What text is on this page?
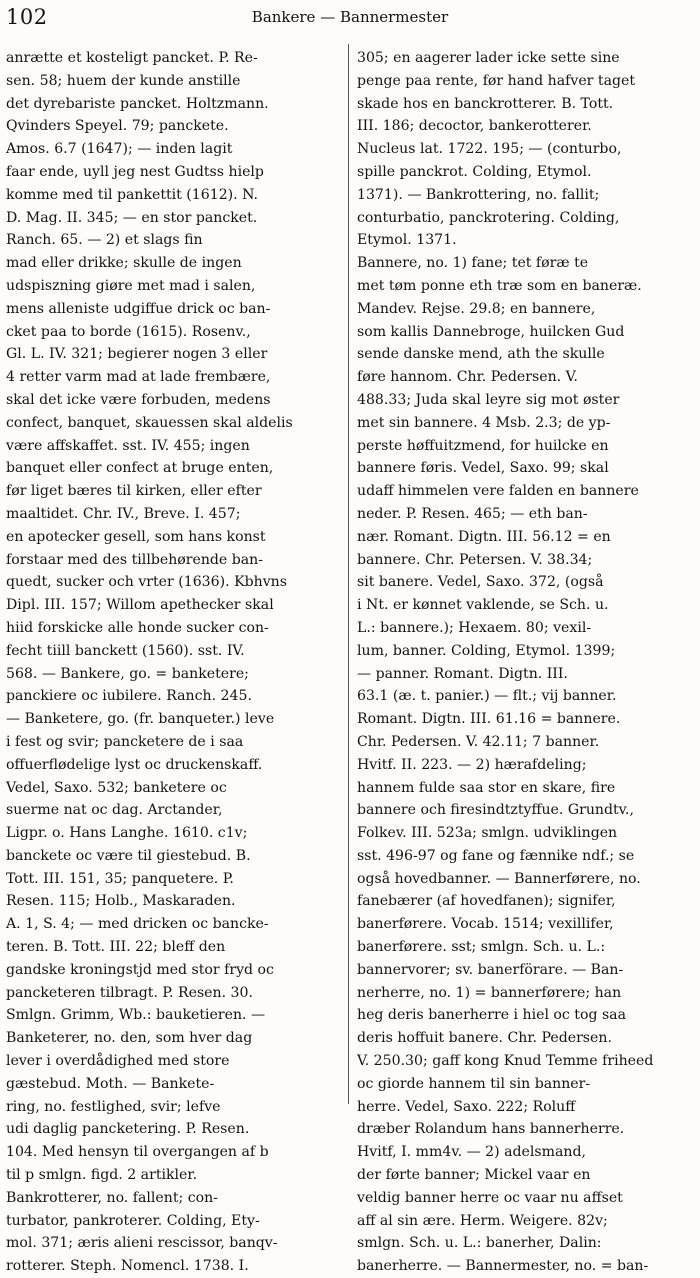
102	Bankere — Bannermester
anrætte et kosteligt pancket. P. Re-
sen. 58; huem der kunde anstille
det dyrebariste pancket. Holtzmann.
Qvinders Speyel. 79; panckete.
Amos. 6.7 (1647); — inden lagit
faar ende, uyll jeg nest Gudtss hielp
komme med til pankettit (1612). N.
D. Mag. II. 345; — en stor pancket.
Ranch. 65. — 2) et slags fin
mad eller drikke; skulle de ingen
udspiszning giøre met mad i salen,
mens alleniste udgiffue drick oc ban-
cket paa to borde (1615). Rosenv.,
Gl. L. IV. 321; begierer nogen 3 eller
4 retter varm mad at lade frembære,
skal det icke være forbuden, medens
confect, banquet, skauessen skal aldelis
være affskaffet. sst. IV. 455; ingen
banquet eller confect at bruge enten,
før liget bæres til kirken, eller efter
maaltidet. Chr. IV., Breve. I. 457;
en apotecker gesell, som hans konst
forstaar med des tillbehørende ban-
quedt, sucker och vrter (1636). Kbhvns
Dipl. III. 157; Willom apethecker skal
hiid forskicke alle honde sucker con-
fecht tiill banckett (1560). sst. IV.
568. — Bankere, go. = banketere;
panckiere oc iubilere. Ranch. 245.
— Banketere, go. (fr. banqueter.) leve
i fest og svir; pancketere de i saa
offuerflødelige lyst oc druckenskaff.
Vedel, Saxo. 532; banketere oc
suerme nat oc dag. Arctander,
Ligpr. o. Hans Langhe. 1610. c1v;
banckete oc være til giestebud. B.
Tott. III. 151, 35; panquetere. P.
Resen. 115; Holb., Maskaraden.
A. 1, S. 4; — med dricken oc bancke-
teren. B. Tott. III. 22; bleff den
gandske kroningstjd med stor fryd oc
pancketeren tilbragt. P. Resen. 30.
Smlgn. Grimm, Wb.: bauketieren. —
Banketerer, no. den, som hver dag
lever i overdådighed med store
gæstebud. Moth. — Bankete-
ring, no. festlighed, svir; lefve
udi daglig pancketering. P. Resen.
104. Med hensyn til overgangen af b
til p smlgn. figd. 2 artikler.
Bankrotterer, no. fallent; con-
turbator, pankroterer. Colding, Ety-
mol. 371; æris alieni rescissor, banqv-
rotterer. Steph. Nomencl. 1738. I.
305; en aagerer lader icke sette sine
penge paa rente, før hand hafver taget
skade hos en banckrotterer. B. Tott.
III. 186; decoctor, bankerotterer.
Nucleus lat. 1722. 195; — (conturbo,
spille panckrot. Colding, Etymol.
1371). — Bankrottering, no. fallit;
conturbatio, panckrotering. Colding,
Etymol. 1371.
Bannere, no. 1) fane; tet føræ te
met tøm ponne eth træ som en baneræ.
Mandev. Rejse. 29.8; en bannere,
som kallis Dannebroge, huilcken Gud
sende danske mend, ath the skulle
føre hannom. Chr. Pedersen. V.
488.33; Juda skal leyre sig mot øster
met sin bannere. 4 Msb. 2.3; de yp-
perste høffuitzmend, for huilcke en
bannere føris. Vedel, Saxo. 99; skal
udaff himmelen vere falden en bannere
neder. P. Resen. 465; — eth ban-
nær. Romant. Digtn. III. 56.12 = en
bannere. Chr. Petersen. V. 38.34;
sit banere. Vedel, Saxo. 372, (også
i Nt. er kønnet vaklende, se Sch. u.
L.: bannere.); Hexaem. 80; vexil-
lum, banner. Colding, Etymol. 1399;
— panner. Romant. Digtn. III.
63.1 (æ. t. panier.) — flt.; vij banner.
Romant. Digtn. III. 61.16 = bannere.
Chr. Pedersen. V. 42.11; 7 banner.
Hvitf. II. 223. — 2) hærafdeling;
hannem fulde saa stor en skare, fire
bannere och firesindtztyffue. Grundtv.,
Folkev. III. 523a; smlgn. udviklingen
sst. 496-97 og fane og fænnike ndf.; se
også hovedbanner. — Bannerførere, no.
fanebærer (af hovedfanen); signifer,
banerførere. Vocab. 1514; vexillifer,
banerførere. sst; smlgn. Sch. u. L.:
bannervorer; sv. banerförare. — Ban-
nerherre, no. 1) = bannerførere; han
heg deris banerherre i hiel oc tog saa
deris hoffuit banere. Chr. Pedersen.
V. 250.30; gaff kong Knud Temme friheed
oc giorde hannem til sin banner-
herre. Vedel, Saxo. 222; Roluff
dræber Rolandum hans bannerherre.
Hvitf, I. mm4v. — 2) adelsmand,
der førte banner; Mickel vaar en
veldig banner herre oc vaar nu affset
aff al sin ære. Herm. Weigere. 82v;
smlgn. Sch. u. L.: banerher, Dalin:
banerherre. — Bannermester, no. = ban-
